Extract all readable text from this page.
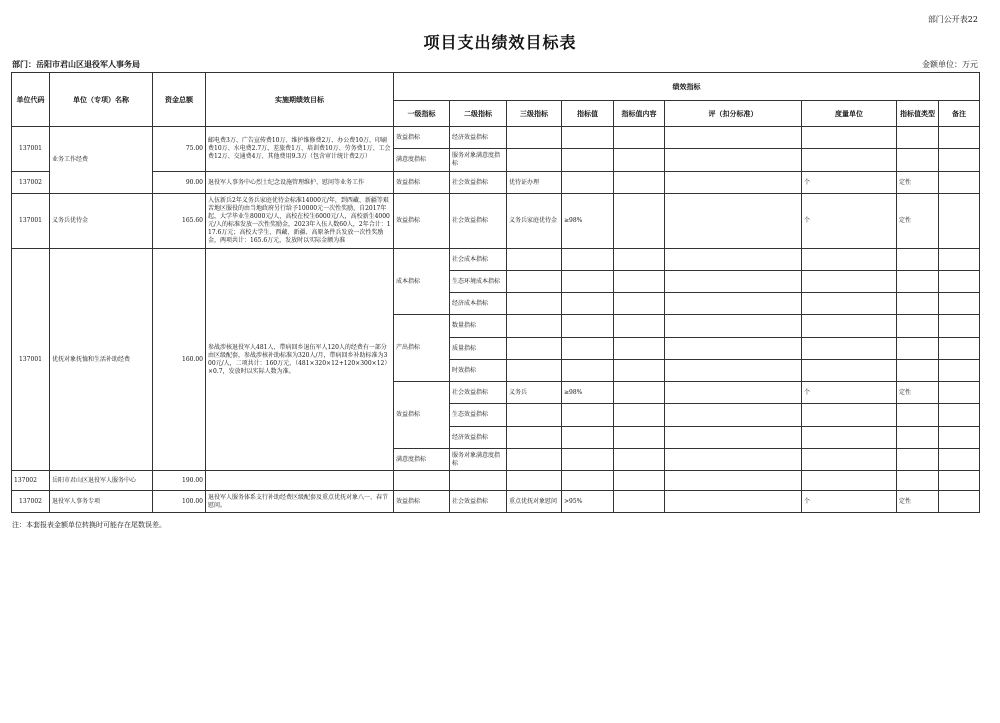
部门公开表22
项目支出绩效目标表
部门：岳阳市君山区退役军人事务局	金额单位：万元
单位代码	单位（专项）名称	资金总额	实施期绩效目标	绩效指标								
				一级指标	二级指标	三级指标	指标值	指标值内容	评（扣分标准）	度量单位	指标值类型	备注
137001	业务工作经费	75.00	邮电费3万、广告宣传费10万、维护维修费2万、办公费10万、印刷费10万、水电费2.7万、差旅费1万、培训费10万、劳务费1万、工会费12万、交通费4万、其他费用9.3万（包含审计统计费2万）	效益指标	经济效益指标							
				满意度指标	服务对象满意度指标							
137002		90.00	退役军人事务中心烈士纪念设施管理维护、慰问等业务工作	效益指标	社会效益指标	优待证办理				个	定性	
137001	义务兵优待金	165.60	入伍新兵2年义务兵家庭优待金标准14000元/年，到西藏、新疆等艰苦地区服役的由当地政府另行给予10000元一次性奖励，自2017年起，大学毕业生8000元/人，高校在校生6000元/人，高校新生4000元/人的标准发放一次性奖励金，2023年入伍人数60人，2年合计：117.6万元；高校大学生、西藏、新疆、高原条件兵发放一次性奖励金，两项共计：165.6万元，发放时以实际金额为准	效益指标	社会效益指标	义务兵家庭优待金	≥98%			个	定性	
137001	优抚对象抚恤和生活补助经费	160.00	参战涉核退役军人481人、带病回乡退伍军人120人的经费有一部分由区级配套，参战涉核补助标准为320人/月，带病回乡补助标准为300元/人，二项共计：160万元，（481×320×12+120×300×12）×0.7，发放时以实际人数为准。	成本指标	社会成本指标							
					生态环境成本指标							
					经济成本指标							
				产出指标	数量指标							
					质量指标							
					时效指标							
				效益指标	社会效益指标	义务兵	≥98%			个	定性	
					生态效益指标							
					经济效益指标							
				满意度指标	服务对象满意度指标							
137002	岳阳市君山区退役军人服务中心	190.00										
137002	退役军人事务专项	100.00	退役军人服务体系支行补助经费区级配套及重点优抚对象八一、春节慰问。	效益指标	社会效益指标	重点优抚对象慰问	>95%			个	定性	
注：本套报表金额单位转换时可能存在尾数误差。
